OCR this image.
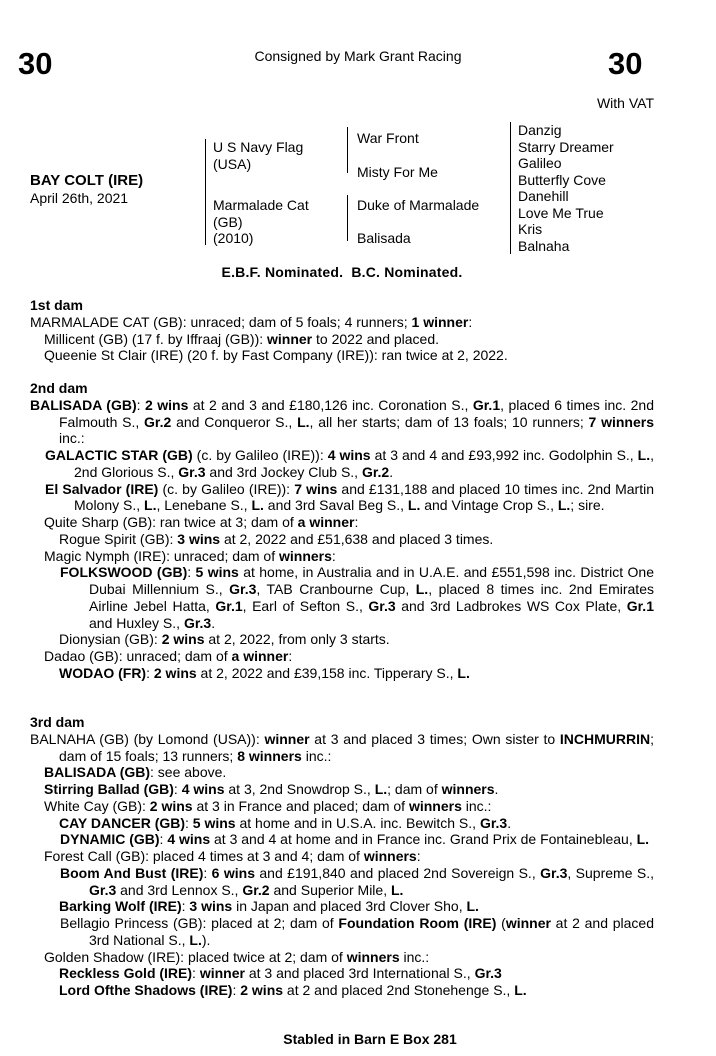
30	Consigned by Mark Grant Racing	30
With VAT
BAY COLT (IRE)
April 26th, 2021
U S Navy Flag
(USA)
Marmalade Cat
(GB)
(2010)
War Front
Misty For Me
Duke of Marmalade
Balisada
Danzig
Starry Dreamer
Galileo
Butterfly Cove
Danehill
Love Me True
Kris
Balnaha
E.B.F. Nominated.  B.C. Nominated.

1st dam

MARMALADE CAT (GB): unraced; dam of 5 foals; 4 runners; 1 winner:

Millicent (GB) (17 f. by Iffraaj (GB)): winner to 2022 and placed.

Queenie St Clair (IRE) (20 f. by Fast Company (IRE)): ran twice at 2, 2022.

2nd dam

BALISADA (GB): 2 wins at 2 and 3 and £180,126 inc. Coronation S., Gr.1, placed 6 times inc. 2nd Falmouth S., Gr.2 and Conqueror S., L., all her starts; dam of 13 foals; 10 runners; 7 winners inc.:

GALACTIC STAR (GB) (c. by Galileo (IRE)): 4 wins at 3 and 4 and £93,992 inc. Godolphin S., L., 2nd Glorious S., Gr.3 and 3rd Jockey Club S., Gr.2.

El Salvador (IRE) (c. by Galileo (IRE)): 7 wins and £131,188 and placed 10 times inc. 2nd Martin Molony S., L., Lenebane S., L. and 3rd Saval Beg S., L. and Vintage Crop S., L.; sire.

Quite Sharp (GB): ran twice at 3; dam of a winner:

Rogue Spirit (GB): 3 wins at 2, 2022 and £51,638 and placed 3 times.

Magic Nymph (IRE): unraced; dam of winners:

FOLKSWOOD (GB): 5 wins at home, in Australia and in U.A.E. and £551,598 inc. District One Dubai Millennium S., Gr.3, TAB Cranbourne Cup, L., placed 8 times inc. 2nd Emirates Airline Jebel Hatta, Gr.1, Earl of Sefton S., Gr.3 and 3rd Ladbrokes WS Cox Plate, Gr.1 and Huxley S., Gr.3.

Dionysian (GB): 2 wins at 2, 2022, from only 3 starts.

Dadao (GB): unraced; dam of a winner:

WODAO (FR): 2 wins at 2, 2022 and £39,158 inc. Tipperary S., L.

3rd dam

BALNAHA (GB) (by Lomond (USA)): winner at 3 and placed 3 times; Own sister to INCHMURRIN; dam of 15 foals; 13 runners; 8 winners inc.:

BALISADA (GB): see above.

Stirring Ballad (GB): 4 wins at 3, 2nd Snowdrop S., L.; dam of winners.

White Cay (GB): 2 wins at 3 in France and placed; dam of winners inc.:

CAY DANCER (GB): 5 wins at home and in U.S.A. inc. Bewitch S., Gr.3.

DYNAMIC (GB): 4 wins at 3 and 4 at home and in France inc. Grand Prix de Fontainebleau, L.

Forest Call (GB): placed 4 times at 3 and 4; dam of winners:

Boom And Bust (IRE): 6 wins and £191,840 and placed 2nd Sovereign S., Gr.3, Supreme S., Gr.3 and 3rd Lennox S., Gr.2 and Superior Mile, L.

Barking Wolf (IRE): 3 wins in Japan and placed 3rd Clover Sho, L.

Bellagio Princess (GB): placed at 2; dam of Foundation Room (IRE) (winner at 2 and placed 3rd National S., L.).

Golden Shadow (IRE): placed twice at 2; dam of winners inc.:

Reckless Gold (IRE): winner at 3 and placed 3rd International S., Gr.3

Lord Ofthe Shadows (IRE): 2 wins at 2 and placed 2nd Stonehenge S., L.

Stabled in Barn E Box 281
